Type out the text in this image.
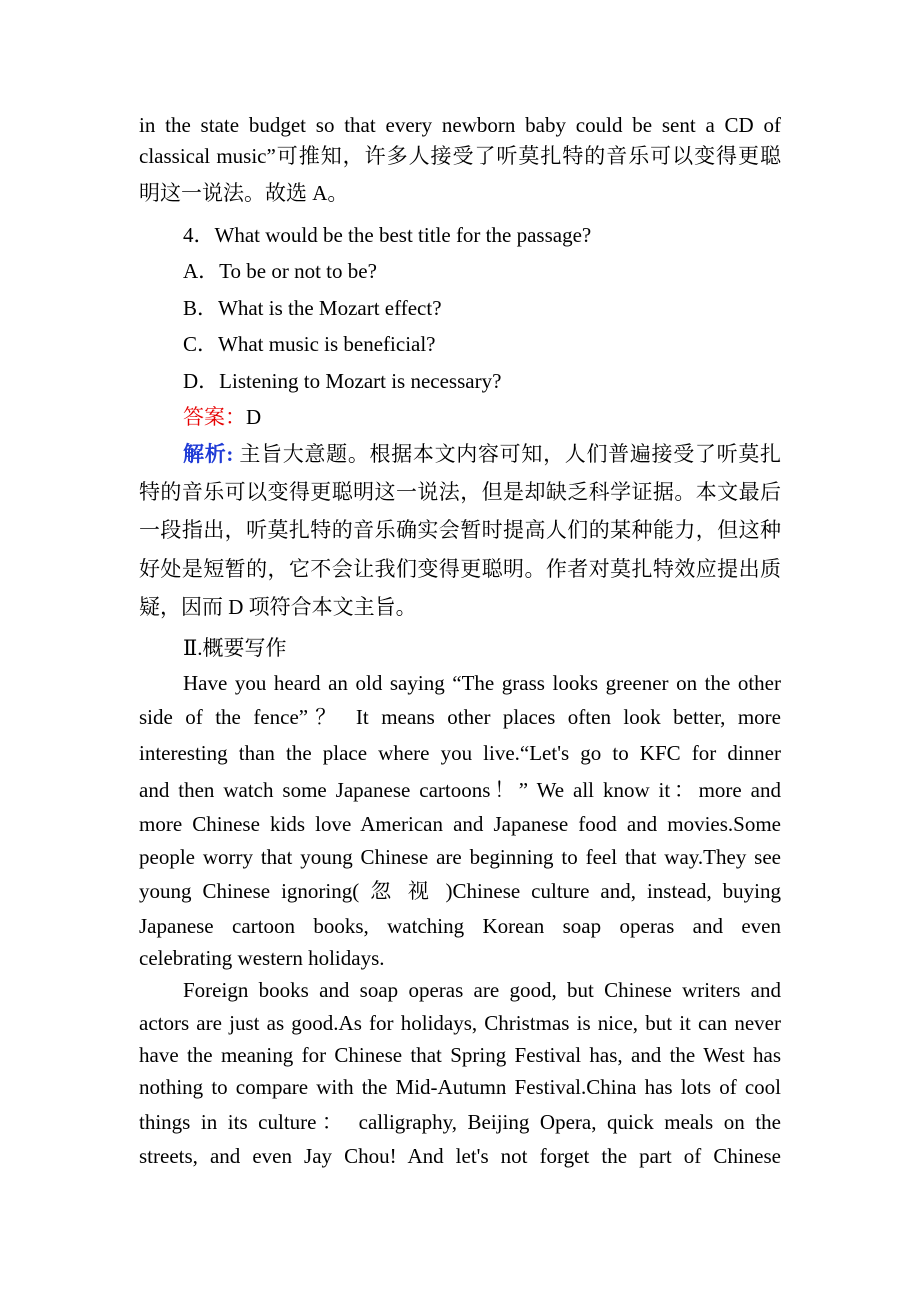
in the state budget so that every newborn baby could be sent a CD of
classical music”可推知，许多人接受了听莫扎特的音乐可以变得更聪
明这一说法。故选 A。
4．What would be the best title for the passage?
A．To be or not to be?
B．What is the Mozart effect?
C．What music is beneficial?
D．Listening to Mozart is necessary?
答案：D
解析: 主旨大意题。根据本文内容可知，人们普遍接受了听莫扎
特的音乐可以变得更聪明这一说法，但是却缺乏科学证据。本文最后
一段指出，听莫扎特的音乐确实会暂时提高人们的某种能力，但这种
好处是短暂的，它不会让我们变得更聪明。作者对莫扎特效应提出质
疑，因而 D 项符合本文主旨。
Ⅱ.概要写作
Have you heard an old saying “The grass looks greener on the other
side of the fence”？ It means other places often look better, more
interesting than the place where you live.“Let's go to KFC for dinner
and then watch some Japanese cartoons！” We all know it：more and
more Chinese kids love American and Japanese food and movies.Some
people worry that young Chinese are beginning to feel that way.They see
young Chinese ignoring( 忽 视 )Chinese culture and, instead, buying
Japanese cartoon books, watching Korean soap operas and even
celebrating western holidays.
Foreign books and soap operas are good, but Chinese writers and
actors are just as good.As for holidays, Christmas is nice, but it can never
have the meaning for Chinese that Spring Festival has, and the West has
nothing to compare with the Mid-Autumn Festival.China has lots of cool
things in its culture： calligraphy, Beijing Opera, quick meals on the
streets, and even Jay Chou! And let's not forget the part of Chinese
